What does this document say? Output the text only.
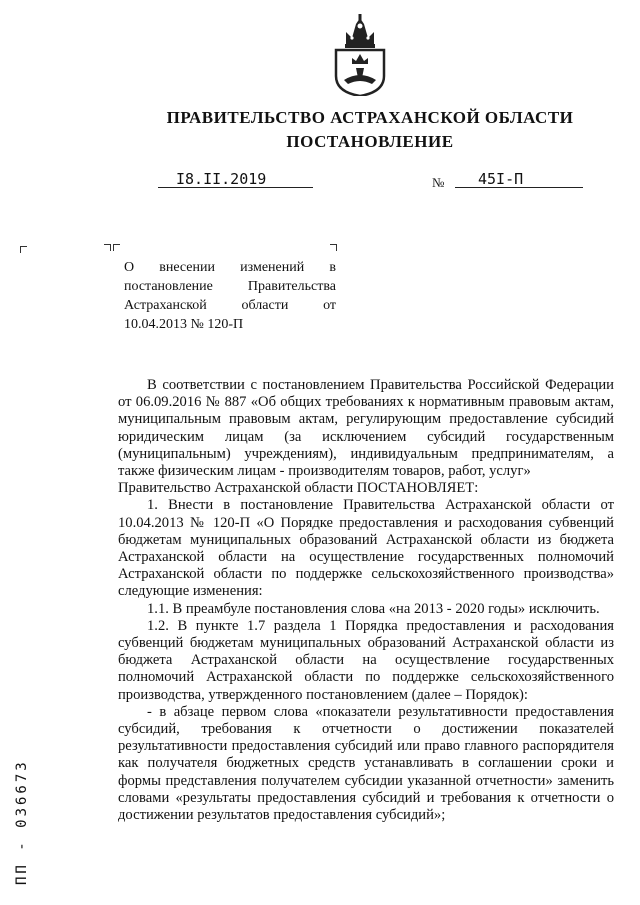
ПРАВИТЕЛЬСТВО АСТРАХАНСКОЙ ОБЛАСТИ
ПОСТАНОВЛЕНИЕ
I8.II.2019	№ 45I-П
О внесении изменений в постановление Правительства Астраханской области от 10.04.2013 № 120-П

В соответствии с постановлением Правительства Российской Федерации от 06.09.2016 № 887 «Об общих требованиях к нормативным правовым актам, муниципальным правовым актам, регулирующим предоставление субсидий юридическим лицам (за исключением субсидий государственным (муниципальным) учреждениям), индивидуальным предпринимателям, а также физическим лицам - производителям товаров, работ, услуг»

Правительство Астраханской области ПОСТАНОВЛЯЕТ:

1. Внести в постановление Правительства Астраханской области от 10.04.2013 № 120-П «О Порядке предоставления и расходования субвенций бюджетам муниципальных образований Астраханской области из бюджета Астраханской области на осуществление государственных полномочий Астраханской области по поддержке сельскохозяйственного производства» следующие изменения:

1.1. В преамбуле постановления слова «на 2013 - 2020 годы» исключить.

1.2. В пункте 1.7 раздела 1 Порядка предоставления и расходования субвенций бюджетам муниципальных образований Астраханской области из бюджета Астраханской области на осуществление государственных полномочий Астраханской области по поддержке сельскохозяйственного производства, утвержденного постановлением (далее – Порядок):

- в абзаце первом слова «показатели результативности предоставления субсидий, требования к отчетности о достижении показателей результативности предоставления субсидий или право главного распорядителя как получателя бюджетных средств устанавливать в соглашении сроки и формы представления получателем субсидии указанной отчетности» заменить словами «результаты предоставления субсидий и требования к отчетности о достижении результатов предоставления субсидий»;

ПП - 036673
